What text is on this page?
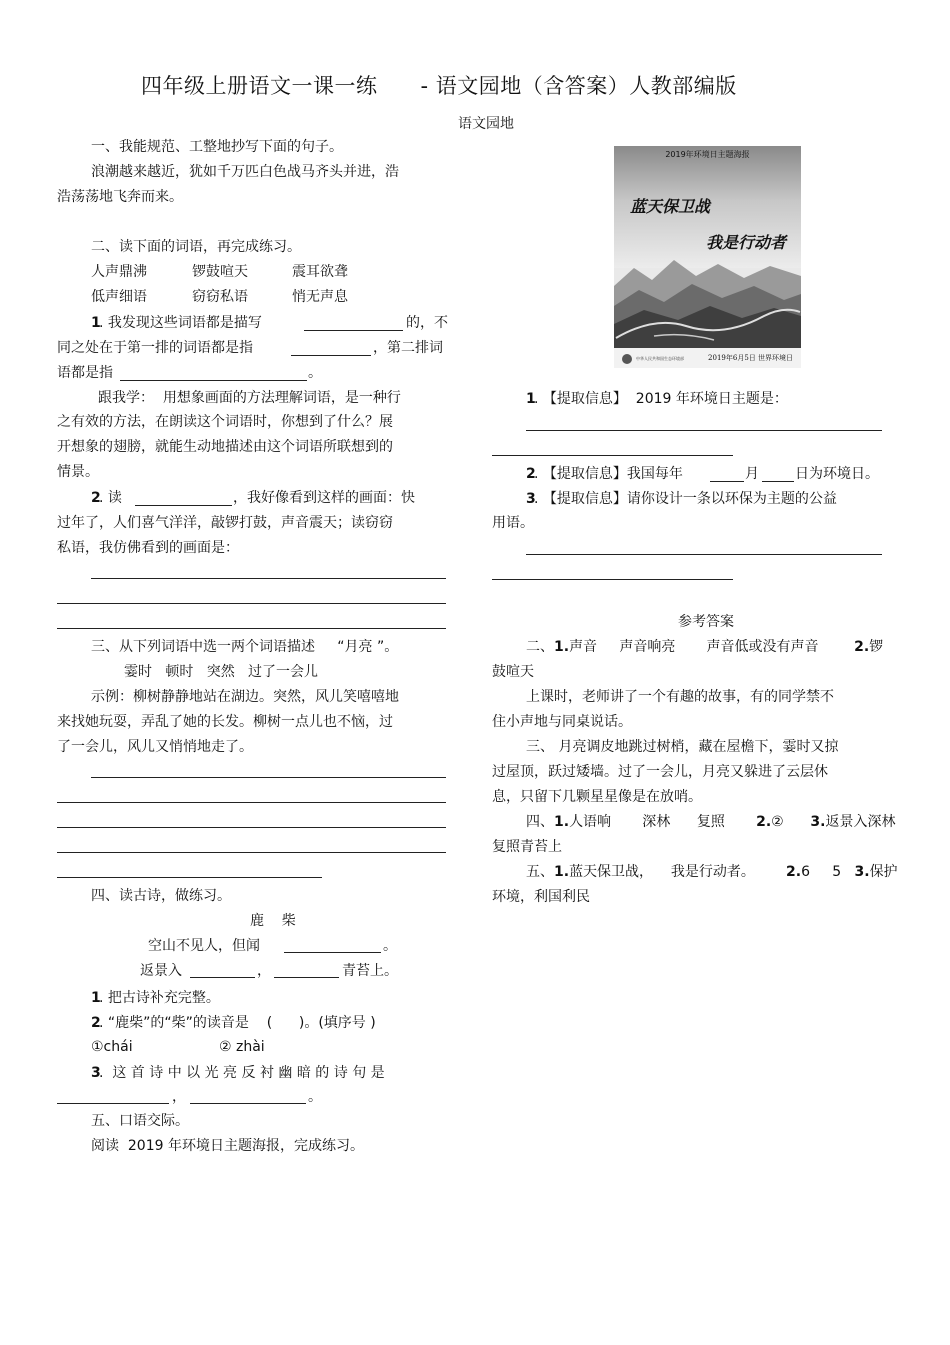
四年级上册语文一课一练      - 语文园地（含答案）人教部编版
语文园地
一、我能规范、工整地抄写下面的句子。
浪潮越来越近，犹如千万匹白色战马齐头并进，浩
浩荡荡地飞奔而来。
二、读下面的词语，再完成练习。
人声鼎沸	锣鼓喧天	震耳欲聋
低声细语	窃窃私语	悄无声息
1
. 我发现这些词语都是描写	的，不
同之处在于第一排的词语都是指	，第二排词
语都是指	。
跟我学：  用想象画面的方法理解词语，是一种行
之有效的方法，在朗读这个词语时，你想到了什么？展
开想象的翅膀，就能生动地描述由这个词语所联想到的
情景。
2
. 读	，我好像看到这样的画面：快
过年了，人们喜气洋洋，敲锣打鼓，声音震天；读窃窃
私语，我仿佛看到的画面是：
三、从下列词语中选一两个词语描述     “月亮 ”。
霎时   顿时   突然   过了一会儿
示例：柳树静静地站在湖边。突然，风儿笑嘻嘻地
来找她玩耍，弄乱了她的长发。柳树一点儿也不恼，过
了一会儿，风儿又悄悄地走了。
四、读古诗，做练习。
鹿    柴
空山不见人，但闻	。
返景入	，	青苔上。
1
. 把古诗补充完整。
2
. “鹿柴”的“柴”的读音是    (      )。(填序号 )
①chái	② zhài
3
.  这 首 诗 中 以 光 亮 反 衬 幽 暗 的 诗 句 是
，	。
五、口语交际。
阅读  2019 年环境日主题海报，完成练习。
2019年环境日主题海报
蓝天保卫战
我是行动者
中华人民共和国生态环境部	2019年6月5日 世界环境日
1
. 【提取信息】  2019 年环境日主题是：
2
. 【提取信息】我国每年	月	日为环境日。
3
. 【提取信息】请你设计一条以环保为主题的公益
用语。
参考答案
二、1.声音     声音响亮       声音低或没有声音        2.锣
鼓喧天
上课时，老师讲了一个有趣的故事，有的同学禁不
住小声地与同桌说话。
三、 月亮调皮地跳过树梢，藏在屋檐下，霎时又掠
过屋顶，跃过矮墙。过了一会儿，月亮又躲进了云层休
息，只留下几颗星星像是在放哨。
四、1.人语响       深林      复照       2.②      3.返景入深林
复照青苔上
五、1.蓝天保卫战，    我是行动者。       2.6     5   3.保护
环境，利国利民
